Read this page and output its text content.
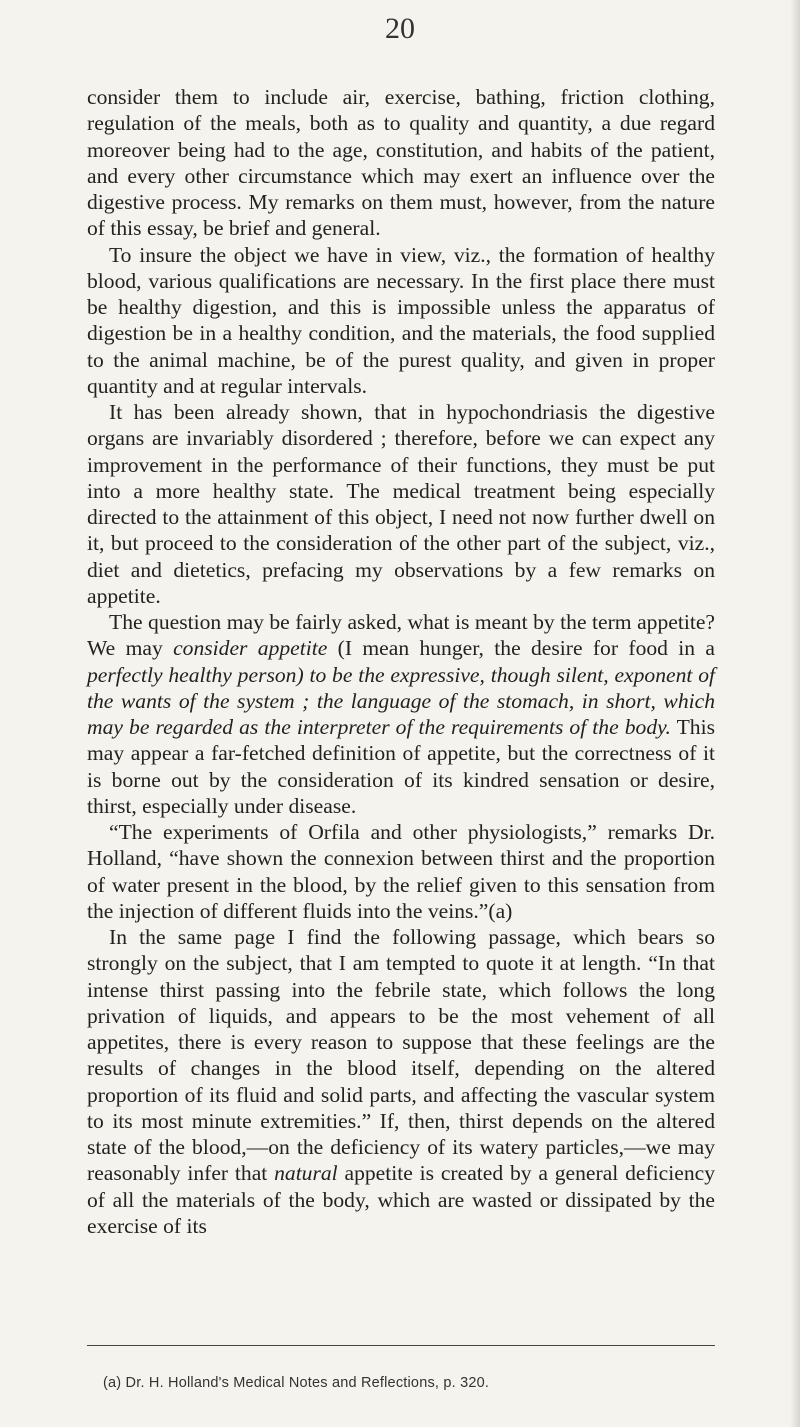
20

consider them to include air, exercise, bathing, friction clothing, regulation of the meals, both as to quality and quantity, a due regard moreover being had to the age, constitution, and habits of the patient, and every other circumstance which may exert an influence over the digestive process. My remarks on them must, however, from the nature of this essay, be brief and general.

To insure the object we have in view, viz., the formation of healthy blood, various qualifications are necessary. In the first place there must be healthy digestion, and this is impossible unless the apparatus of digestion be in a healthy condition, and the materials, the food supplied to the animal machine, be of the purest quality, and given in proper quantity and at regular intervals.

It has been already shown, that in hypochondriasis the digestive organs are invariably disordered ; therefore, before we can expect any improvement in the performance of their functions, they must be put into a more healthy state. The medical treatment being especially directed to the attainment of this object, I need not now further dwell on it, but proceed to the consideration of the other part of the subject, viz., diet and dietetics, prefacing my observations by a few remarks on appetite.

The question may be fairly asked, what is meant by the term appetite? We may consider appetite (I mean hunger, the desire for food in a perfectly healthy person) to be the expressive, though silent, exponent of the wants of the system ; the language of the stomach, in short, which may be regarded as the interpreter of the requirements of the body. This may appear a far-fetched definition of appetite, but the correctness of it is borne out by the consideration of its kindred sensation or desire, thirst, especially under disease.

“The experiments of Orfila and other physiologists,” remarks Dr. Holland, “have shown the connexion between thirst and the proportion of water present in the blood, by the relief given to this sensation from the injection of different fluids into the veins.”(a)

In the same page I find the following passage, which bears so strongly on the subject, that I am tempted to quote it at length. “In that intense thirst passing into the febrile state, which follows the long privation of liquids, and appears to be the most vehement of all appetites, there is every reason to suppose that these feelings are the results of changes in the blood itself, depending on the altered proportion of its fluid and solid parts, and affecting the vascular system to its most minute extremities.” If, then, thirst depends on the altered state of the blood,—on the deficiency of its watery particles,—we may reasonably infer that natural appetite is created by a general deficiency of all the materials of the body, which are wasted or dissipated by the exercise of its

(a) Dr. H. Holland's Medical Notes and Reflections, p. 320.
